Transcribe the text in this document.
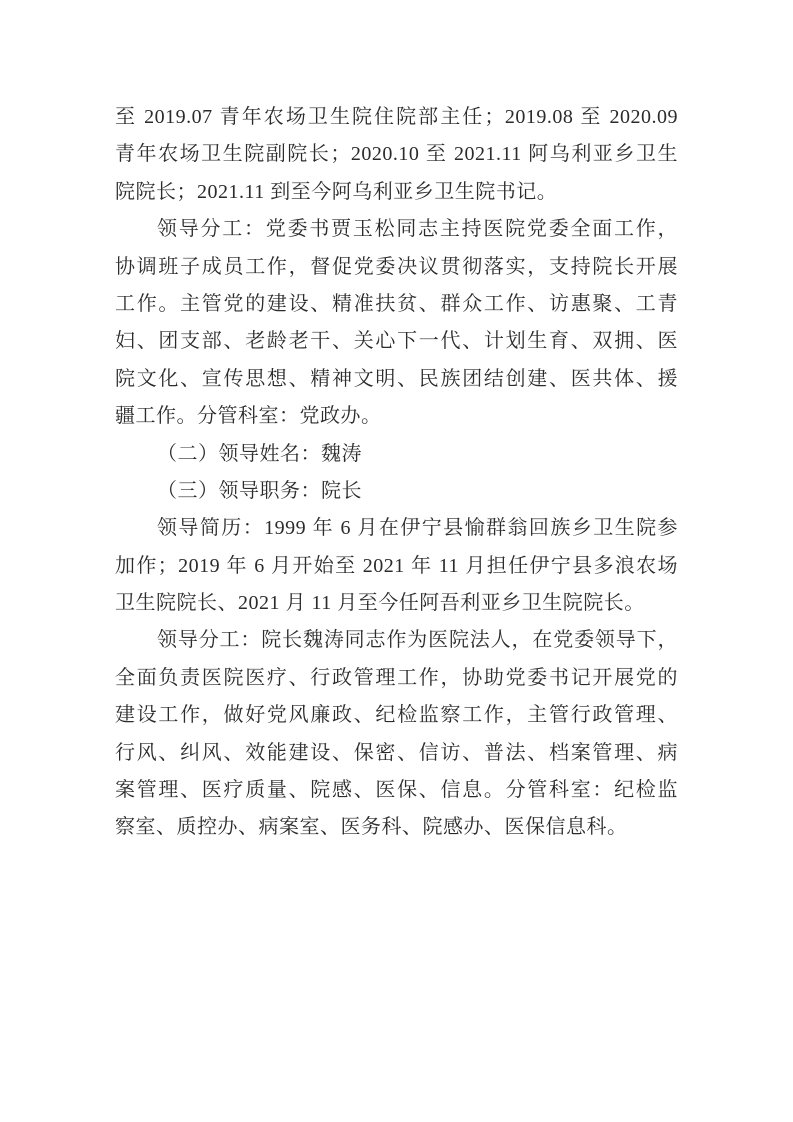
至 2019.07 青年农场卫生院住院部主任；2019.08 至 2020.09
青年农场卫生院副院长；2020.10 至 2021.11 阿乌利亚乡卫生
院院长；2021.11 到至今阿乌利亚乡卫生院书记。
领导分工：党委书贾玉松同志主持医院党委全面工作，
协调班子成员工作，督促党委决议贯彻落实，支持院长开展
工作。主管党的建设、精准扶贫、群众工作、访惠聚、工青
妇、团支部、老龄老干、关心下一代、计划生育、双拥、医
院文化、宣传思想、精神文明、民族团结创建、医共体、援
疆工作。分管科室：党政办。
（二）领导姓名：魏涛
（三）领导职务：院长
领导简历：1999 年 6 月在伊宁县愉群翁回族乡卫生院参
加作；2019 年 6 月开始至 2021 年 11 月担任伊宁县多浪农场
卫生院院长、2021 月 11 月至今任阿吾利亚乡卫生院院长。
领导分工：院长魏涛同志作为医院法人，在党委领导下，
全面负责医院医疗、行政管理工作，协助党委书记开展党的
建设工作，做好党风廉政、纪检监察工作，主管行政管理、
行风、纠风、效能建设、保密、信访、普法、档案管理、病
案管理、医疗质量、院感、医保、信息。分管科室：纪检监
察室、质控办、病案室、医务科、院感办、医保信息科。
